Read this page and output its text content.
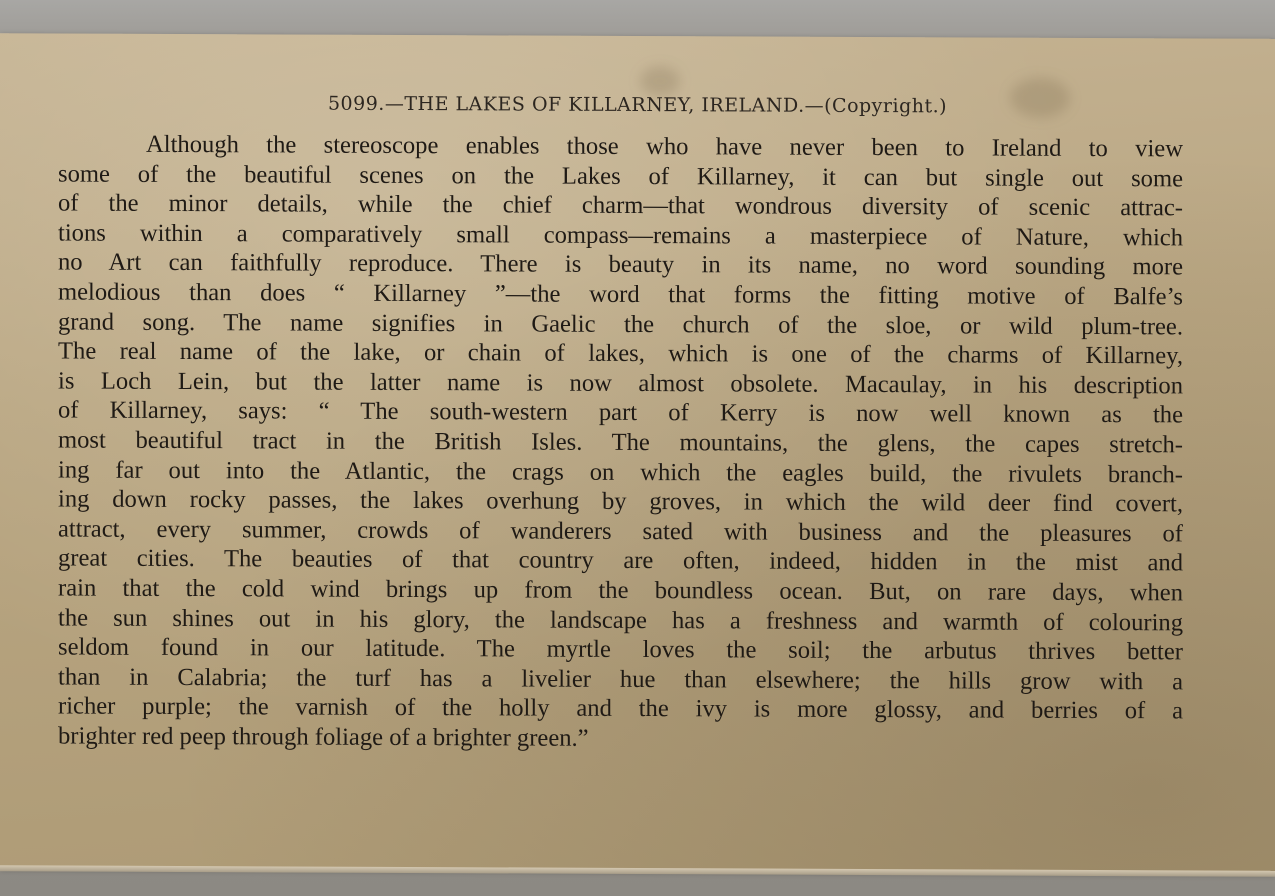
5099.—THE LAKES OF KILLARNEY, IRELAND.—(Copyright.)
Although the stereoscope enables those who have never been to Ireland to view
some of the beautiful scenes on the Lakes of Killarney, it can but single out some
of the minor details, while the chief charm—that wondrous diversity of scenic attrac-
tions within a comparatively small compass—remains a masterpiece of Nature, which
no Art can faithfully reproduce. There is beauty in its name, no word sounding more
melodious than does “ Killarney ”—the word that forms the fitting motive of Balfe’s
grand song. The name signifies in Gaelic the church of the sloe, or wild plum-tree.
The real name of the lake, or chain of lakes, which is one of the charms of Killarney,
is Loch Lein, but the latter name is now almost obsolete. Macaulay, in his description
of Killarney, says: “ The south-western part of Kerry is now well known as the
most beautiful tract in the British Isles. The mountains, the glens, the capes stretch-
ing far out into the Atlantic, the crags on which the eagles build, the rivulets branch-
ing down rocky passes, the lakes overhung by groves, in which the wild deer find covert,
attract, every summer, crowds of wanderers sated with business and the pleasures of
great cities. The beauties of that country are often, indeed, hidden in the mist and
rain that the cold wind brings up from the boundless ocean. But, on rare days, when
the sun shines out in his glory, the landscape has a freshness and warmth of colouring
seldom found in our latitude. The myrtle loves the soil; the arbutus thrives better
than in Calabria; the turf has a livelier hue than elsewhere; the hills grow with a
richer purple; the varnish of the holly and the ivy is more glossy, and berries of a
brighter red peep through foliage of a brighter green.”
